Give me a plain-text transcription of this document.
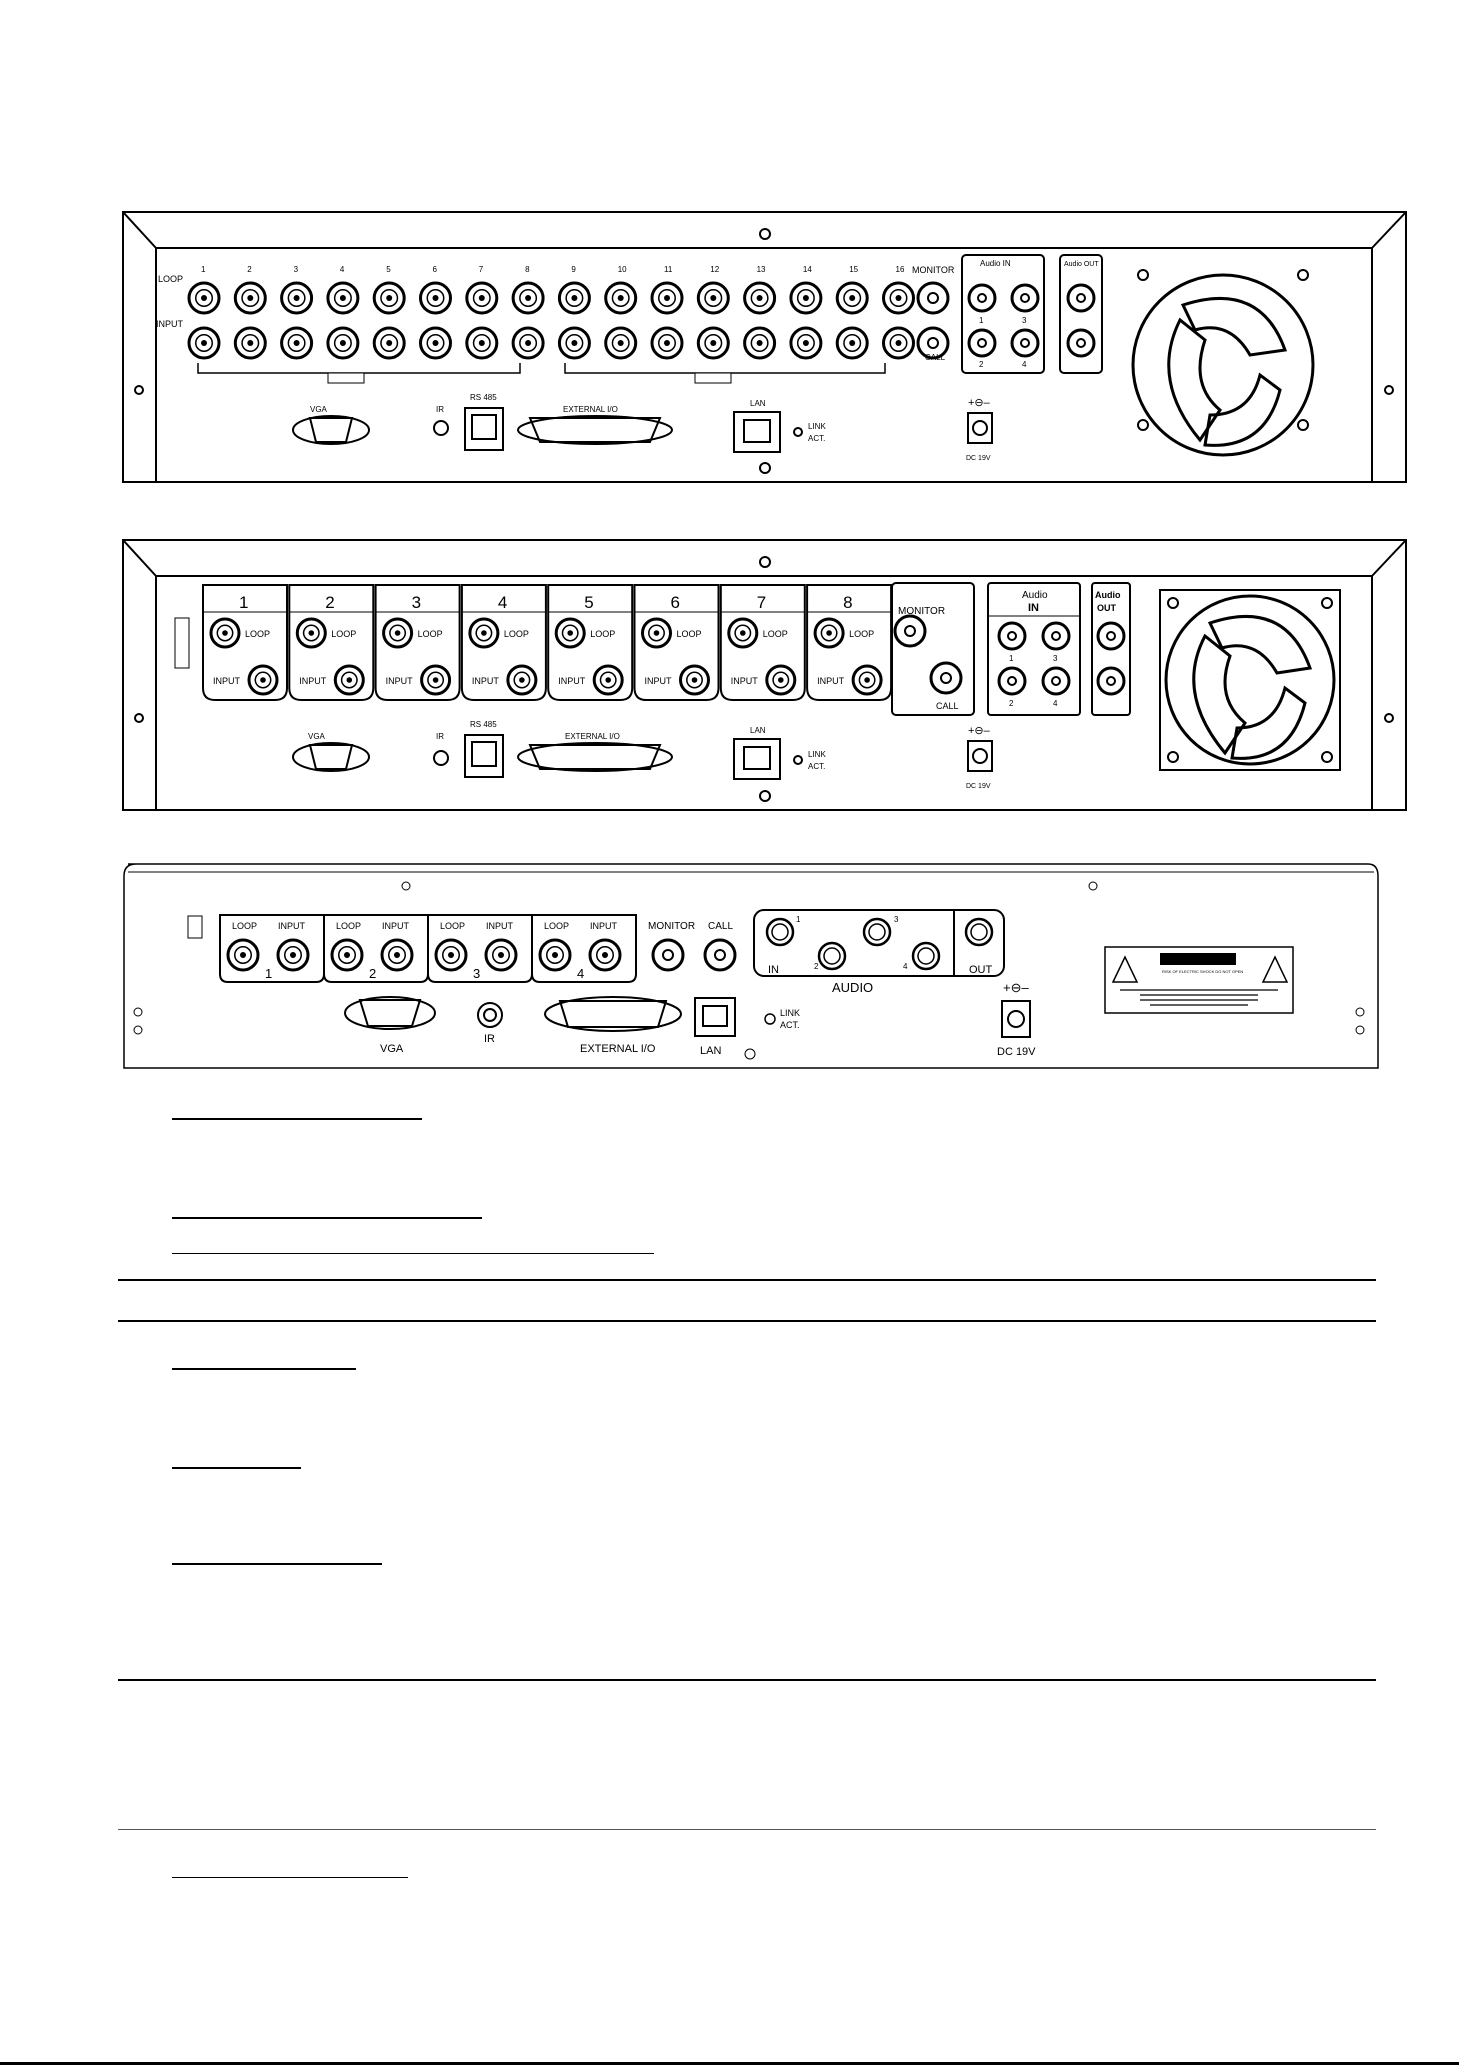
LOOP
INPUT
1	2	3	4	5	6	7	8	9	10	11	12	13	14	15	16 MONITOR
CALL
Audio IN
1	3
2	4
Audio OUT
VGA	IR
RS 485
EXTERNAL I/O
LAN
LINK
ACT.
+⊖–
DC 19V
1
LOOP
INPUT
2
LOOP
INPUT
3
LOOP
INPUT
4
LOOP
INPUT
5
LOOP
INPUT
6
LOOP
INPUT
7
LOOP
INPUT
8
LOOP
INPUT
MONITOR
CALL
Audio
IN
1	3
2	4
Audio
OUT
VGA	IR
RS 485
EXTERNAL I/O
LAN
LINK
ACT.
+⊖–
DC 19V
LOOP INPUT
1
LOOP INPUT
2
LOOP INPUT
3
LOOP INPUT
4
MONITOR CALL
1
2
3
4
IN
AUDIO
OUT	RISK OF ELECTRIC SHOCK DO NOT OPEN
VGA
IR
EXTERNAL I/O	LAN
LINK
ACT.
+⊖–
DC 19V
